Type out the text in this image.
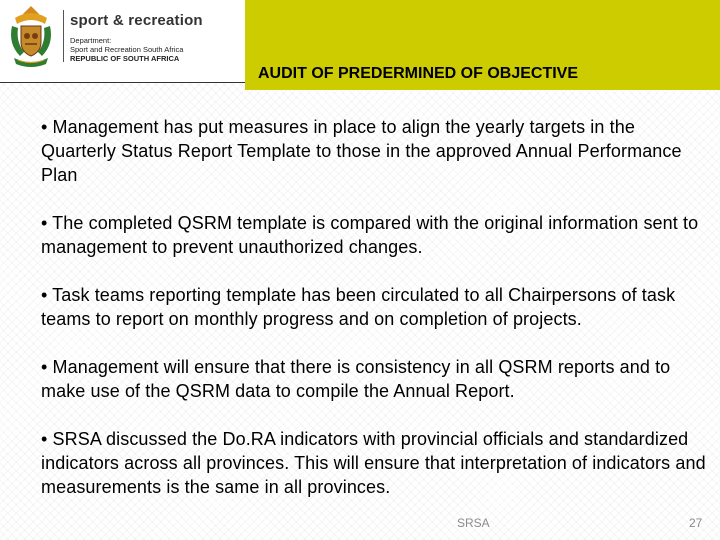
sport & recreation
Department:
Sport and Recreation South Africa
REPUBLIC OF SOUTH AFRICA
AUDIT OF PREDERMINED OF OBJECTIVE

• Management has put measures in place to align the yearly targets in the Quarterly Status Report Template to those in the approved Annual Performance Plan

• The completed QSRM template is compared with the original information sent to management to prevent unauthorized changes.

• Task teams reporting template has been circulated to all Chairpersons of task teams to report on monthly progress and on completion of projects.

• Management will ensure that there is consistency in all QSRM reports and to make use of the QSRM data to compile the Annual Report.

• SRSA discussed the Do.RA indicators with provincial officials and standardized indicators across all provinces. This will ensure that interpretation of indicators and measurements is the same in all provinces.

SRSA	27
